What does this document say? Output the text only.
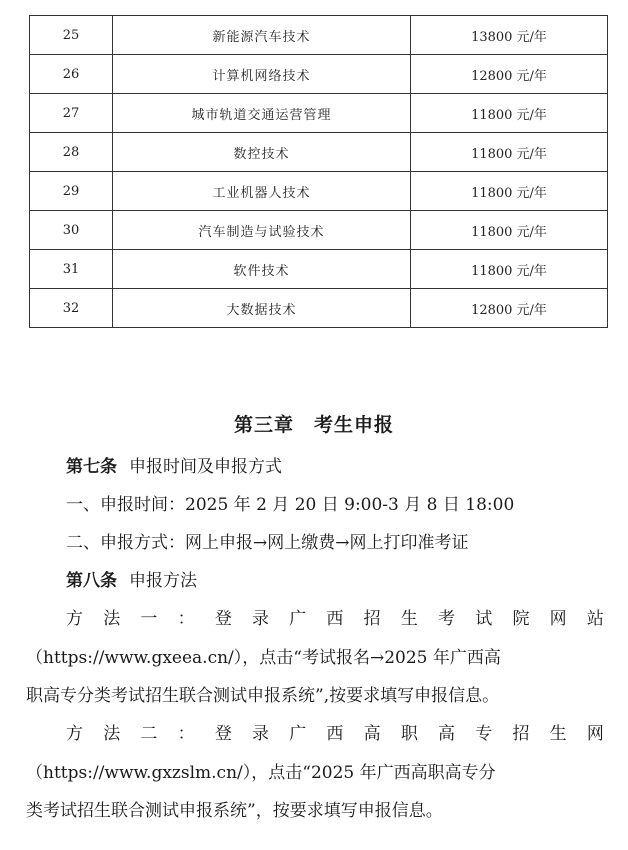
25	新能源汽车技术	13800 元/年
26	计算机网络技术	12800 元/年
27	城市轨道交通运营管理	11800 元/年
28	数控技术	11800 元/年
29	工业机器人技术	11800 元/年
30	汽车制造与试验技术	11800 元/年
31	软件技术	11800 元/年
32	大数据技术	12800 元/年
第三章　考生申报

第七条 申报时间及申报方式

一、申报时间：2025 年 2 月 20 日 9:00-3 月 8 日 18:00

二、申报方式：网上申报→网上缴费→网上打印准考证

第八条 申报方法

方 法 一 ： 登 录 广 西 招 生 考 试 院 网 站

（https://www.gxeea.cn/），点击“考试报名→2025 年广西高

职高专分类考试招生联合测试申报系统”,按要求填写申报信息。

方 法 二 ： 登 录 广 西 高 职 高 专 招 生 网

（https://www.gxzslm.cn/），点击“2025 年广西高职高专分

类考试招生联合测试申报系统”，按要求填写申报信息。
